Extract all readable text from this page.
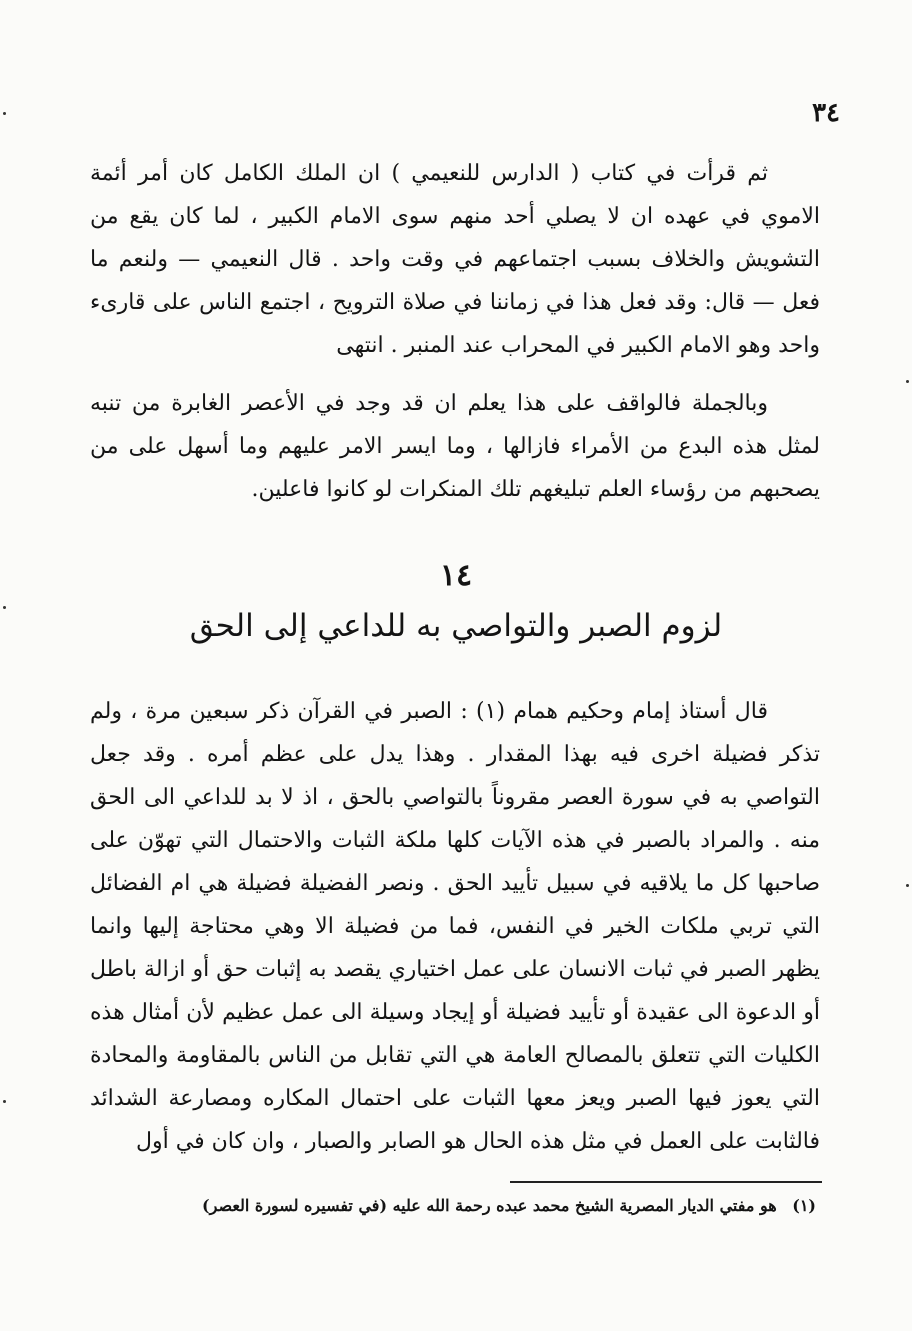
٣٤

ثم قرأت في كتاب ( الدارس للنعيمي ) ان الملك الكامل كان أمر أئمة الاموي في عهده ان لا يصلي أحد منهم سوى الامام الكبير ، لما كان يقع من التشويش والخلاف بسبب اجتماعهم في وقت واحد . قال النعيمي — ولنعم ما فعل — قال: وقد فعل هذا في زماننا في صلاة الترويح ، اجتمع الناس على قارىء واحد وهو الامام الكبير في المحراب عند المنبر . انتهى

وبالجملة فالواقف على هذا يعلم ان قد وجد في الأعصر الغابرة من تنبه لمثل هذه البدع من الأمراء فازالها ، وما ايسر الامر عليهم وما أسهل على من يصحبهم من رؤساء العلم تبليغهم تلك المنكرات لو كانوا فاعلين.

١٤
لزوم الصبر والتواصي به للداعي إلى الحق

قال أستاذ إمام وحكيم همام (١) : الصبر في القرآن ذكر سبعين مرة ، ولم تذكر فضيلة اخرى فيه بهذا المقدار . وهذا يدل على عظم أمره . وقد جعل التواصي به في سورة العصر مقروناً بالتواصي بالحق ، اذ لا بد للداعي الى الحق منه . والمراد بالصبر في هذه الآيات كلها ملكة الثبات والاحتمال التي تهوّن على صاحبها كل ما يلاقيه في سبيل تأييد الحق . ونصر الفضيلة فضيلة هي ام الفضائل التي تربي ملكات الخير في النفس، فما من فضيلة الا وهي محتاجة إليها وانما يظهر الصبر في ثبات الانسان على عمل اختياري يقصد به إثبات حق أو ازالة باطل أو الدعوة الى عقيدة أو تأييد فضيلة أو إيجاد وسيلة الى عمل عظيم لأن أمثال هذه الكليات التي تتعلق بالمصالح العامة هي التي تقابل من الناس بالمقاومة والمحادة التي يعوز فيها الصبر ويعز معها الثبات على احتمال المكاره ومصارعة الشدائد فالثابت على العمل في مثل هذه الحال هو الصابر والصبار ، وان كان في أول

(١) هو مفتي الديار المصرية الشيخ محمد عبده رحمة الله عليه (في تفسيره لسورة العصر)
